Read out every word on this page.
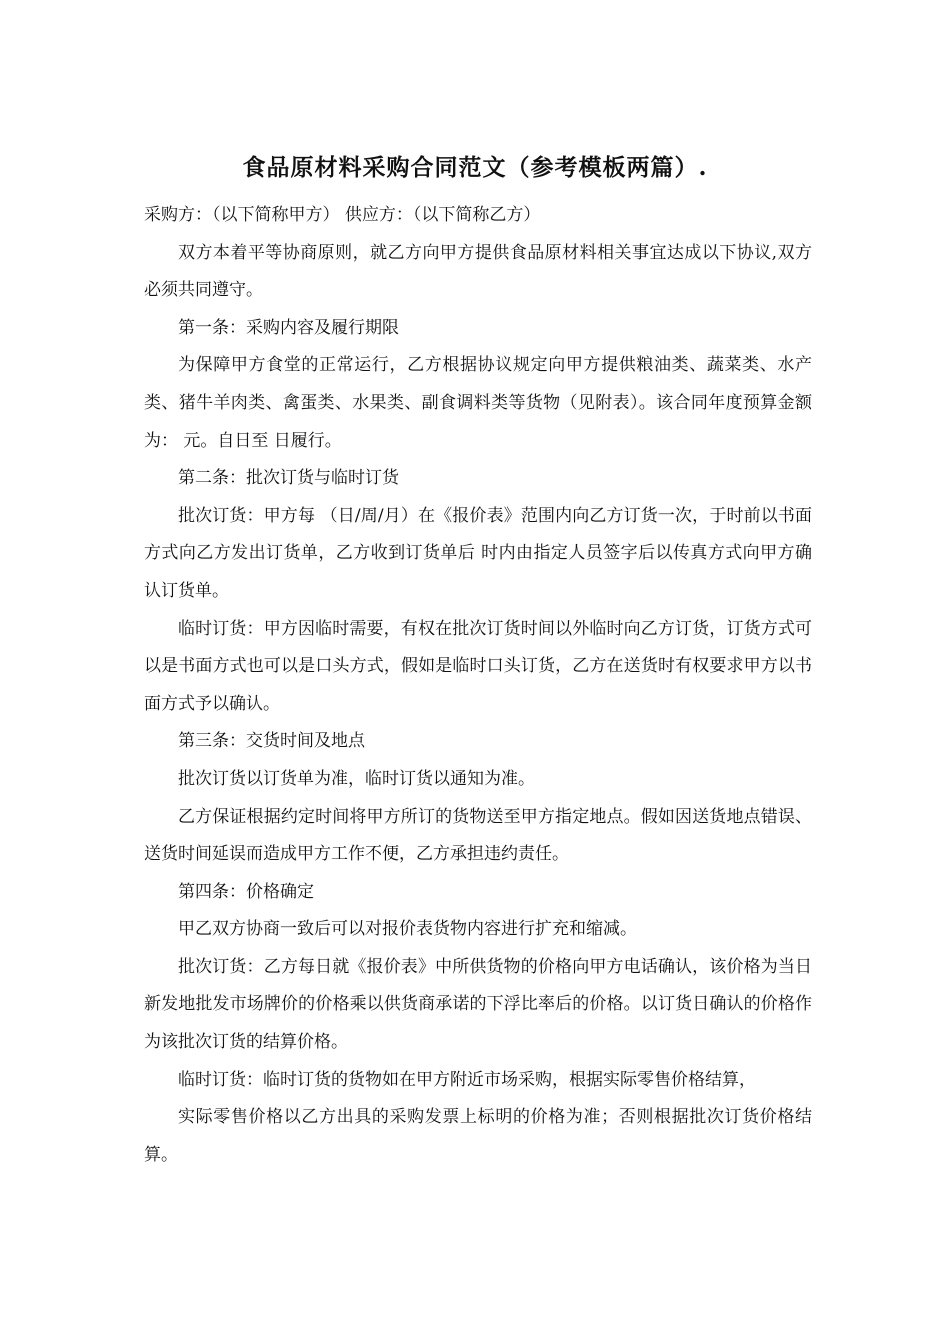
食品原材料采购合同范文（参考模板两篇）.

采购方：（以下简称甲方） 供应方：（以下简称乙方）

双方本着平等协商原则，就乙方向甲方提供食品原材料相关事宜达成以下协议,双方必须共同遵守。

第一条：采购内容及履行期限

为保障甲方食堂的正常运行，乙方根据协议规定向甲方提供粮油类、蔬菜类、水产类、猪牛羊肉类、禽蛋类、水果类、副食调料类等货物（见附表）。该合同年度预算金额为： 元。自日至 日履行。

第二条：批次订货与临时订货

批次订货：甲方每 （日/周/月）在《报价表》范围内向乙方订货一次，于时前以书面方式向乙方发出订货单，乙方收到订货单后 时内由指定人员签字后以传真方式向甲方确认订货单。

临时订货：甲方因临时需要，有权在批次订货时间以外临时向乙方订货，订货方式可以是书面方式也可以是口头方式，假如是临时口头订货，乙方在送货时有权要求甲方以书面方式予以确认。

第三条：交货时间及地点

批次订货以订货单为准，临时订货以通知为准。

乙方保证根据约定时间将甲方所订的货物送至甲方指定地点。假如因送货地点错误、送货时间延误而造成甲方工作不便，乙方承担违约责任。

第四条：价格确定

甲乙双方协商一致后可以对报价表货物内容进行扩充和缩减。

批次订货：乙方每日就《报价表》中所供货物的价格向甲方电话确认，该价格为当日新发地批发市场牌价的价格乘以供货商承诺的下浮比率后的价格。以订货日确认的价格作为该批次订货的结算价格。

临时订货：临时订货的货物如在甲方附近市场采购，根据实际零售价格结算，

实际零售价格以乙方出具的采购发票上标明的价格为准；否则根据批次订货价格结算。
